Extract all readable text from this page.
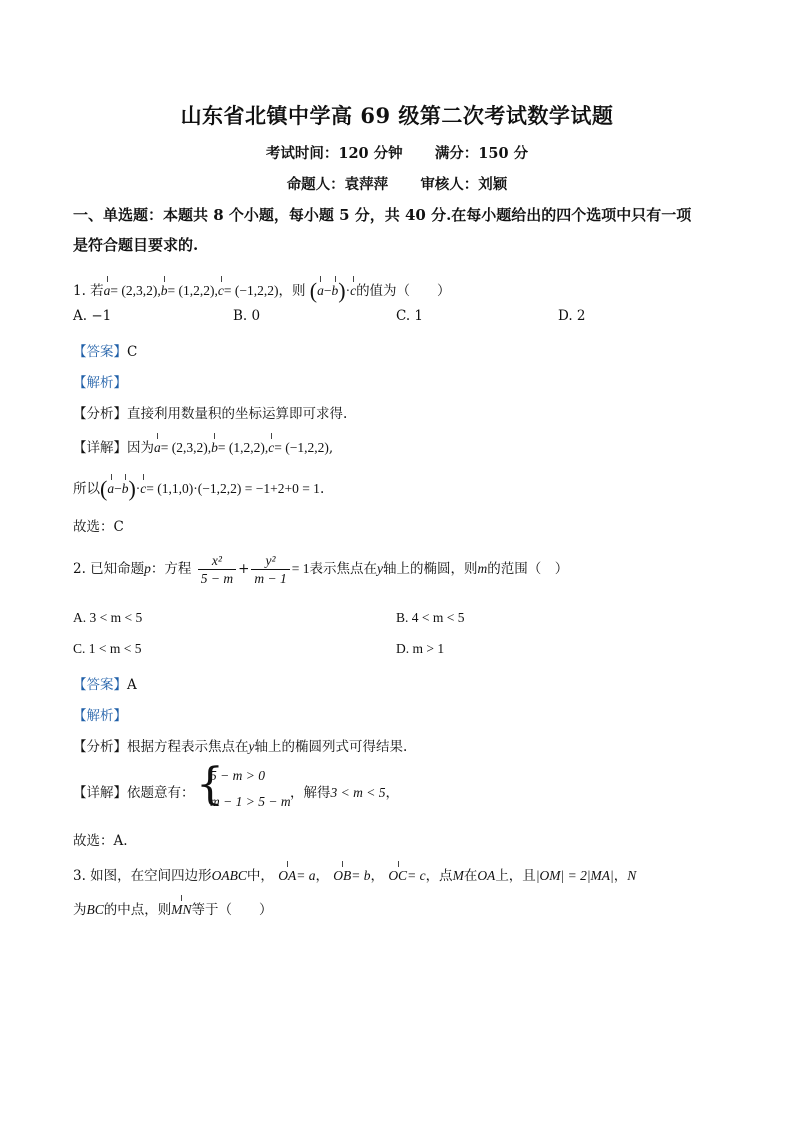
山东省北镇中学高 69 级第二次考试数学试题
考试时间：120 分钟 满分：150 分
命题人：袁萍萍 审核人：刘颖
一、单选题：本题共 8 个小题，每小题 5 分，共 40 分.在每小题给出的四个选项中只有一项
是符合题目要求的.
1. 若a= (2,3,2),b= (1,2,2),c= (−1,2,2)，则 (a−b)·c的值为（　　）
A. −1	B. 0	C. 1	D. 2
【答案】C
【解析】
【分析】直接利用数量积的坐标运算即可求得.
【详解】因为a= (2,3,2),b= (1,2,2),c= (−1,2,2),
所以(a−b)·c= (1,1,0)·(−1,2,2) = −1+2+0 = 1.
故选：C
2. 已知命题p：方程 $\frac{\text{x²}}{5 - m} + \frac{\text{y²}}{m - 1} = 1$表示焦点在y轴上的椭圆，则m的范围（　）
A. 3 < m < 5	B. 4 < m < 5
C. 1 < m < 5	D. m > 1
【答案】A
【解析】
【分析】根据方程表示焦点在y轴上的椭圆列式可得结果.
【详解】依题意有： {
5 − m > 0
m − 1 > 5 − m
，解得3 < m < 5，
故选：A.
3. 如图，在空间四边形OABC中， OA= a， OB= b， OC= c，点M在OA上，且|OM| = 2|MA|，N
为BC的中点，则MN等于（　　）
